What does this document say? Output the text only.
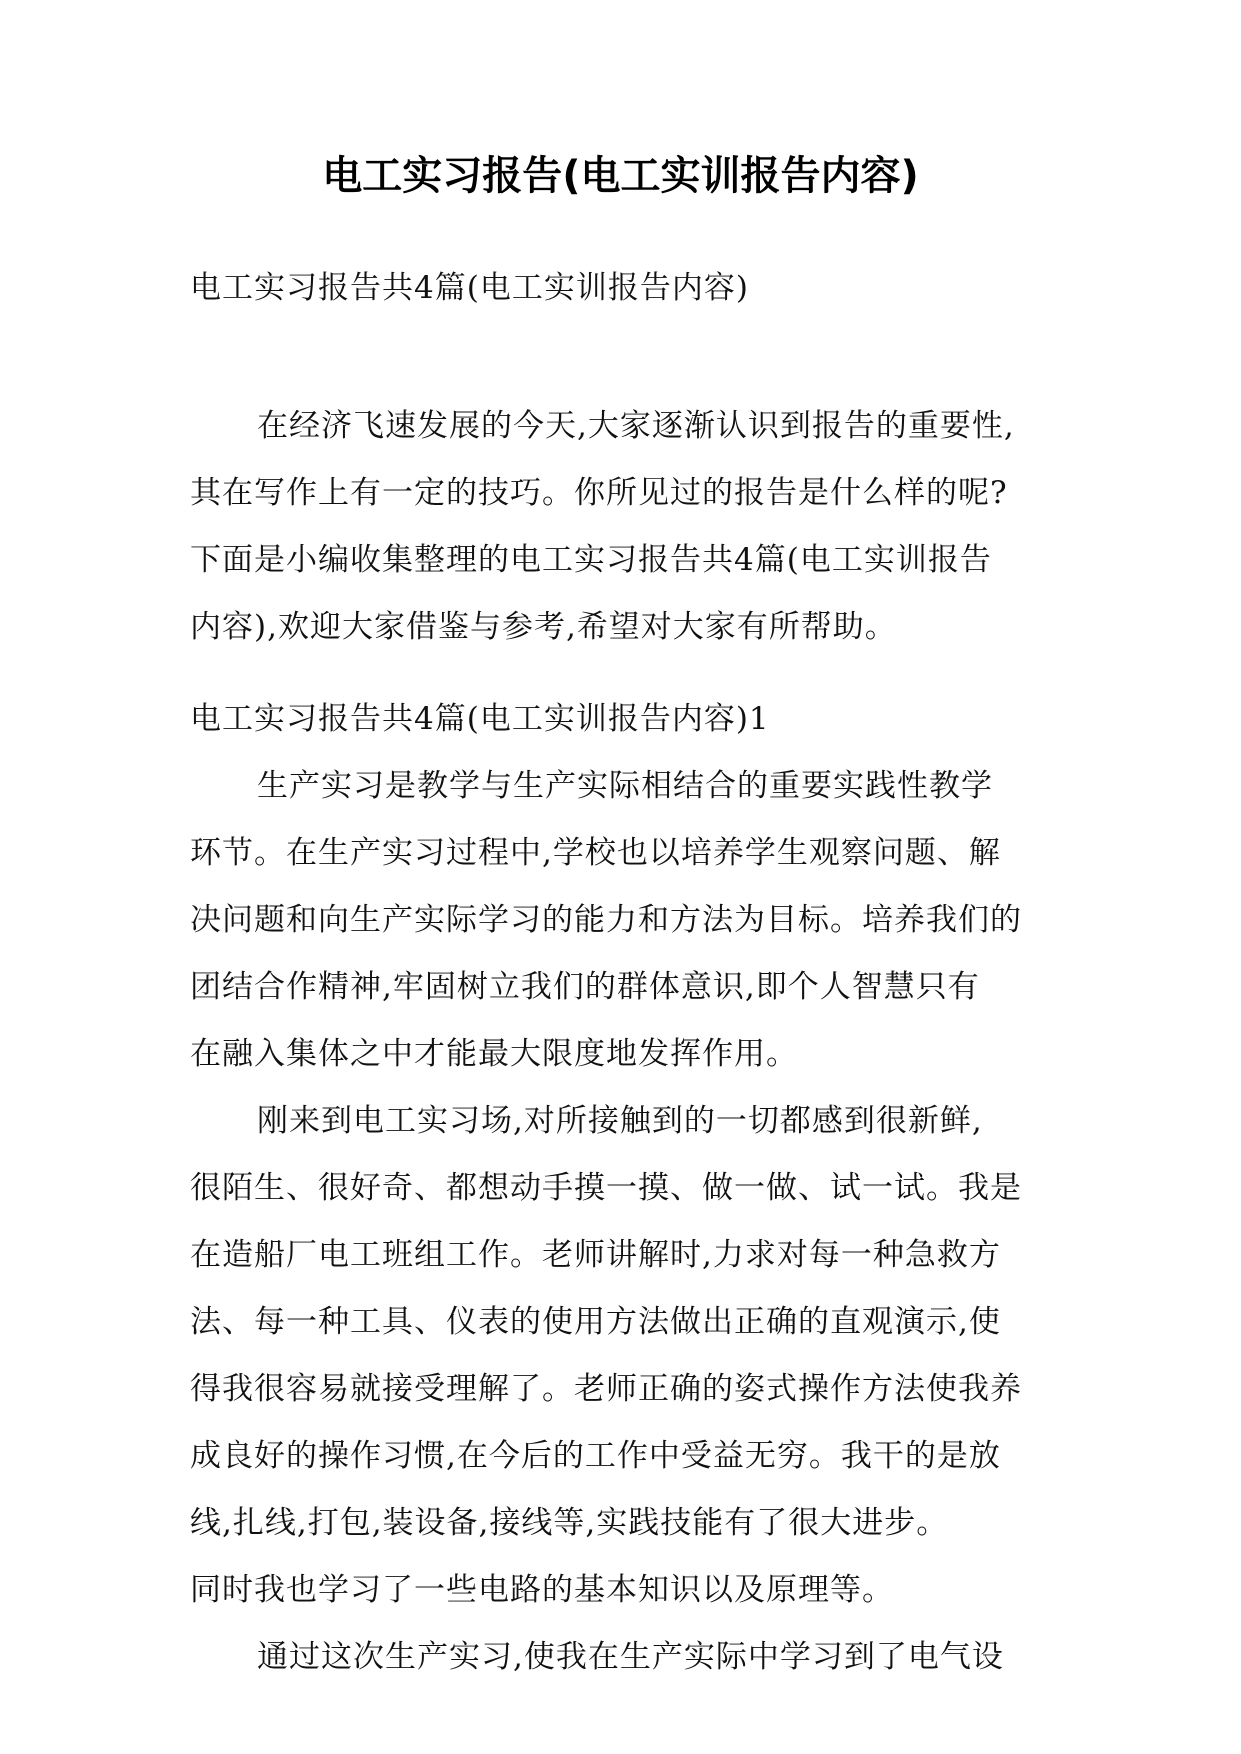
电工实习报告(电工实训报告内容)

电工实习报告共4篇(电工实训报告内容)

在经济飞速发展的今天,大家逐渐认识到报告的重要性,
其在写作上有一定的技巧。你所见过的报告是什么样的呢?
下面是小编收集整理的电工实习报告共4篇(电工实训报告
内容),欢迎大家借鉴与参考,希望对大家有所帮助。

电工实习报告共4篇(电工实训报告内容)1

生产实习是教学与生产实际相结合的重要实践性教学
环节。在生产实习过程中,学校也以培养学生观察问题、解
决问题和向生产实际学习的能力和方法为目标。培养我们的
团结合作精神,牢固树立我们的群体意识,即个人智慧只有
在融入集体之中才能最大限度地发挥作用。
刚来到电工实习场,对所接触到的一切都感到很新鲜,
很陌生、很好奇、都想动手摸一摸、做一做、试一试。我是
在造船厂电工班组工作。老师讲解时,力求对每一种急救方
法、每一种工具、仪表的使用方法做出正确的直观演示,使
得我很容易就接受理解了。老师正确的姿式操作方法使我养
成良好的操作习惯,在今后的工作中受益无穷。我干的是放
线,扎线,打包,装设备,接线等,实践技能有了很大进步。
同时我也学习了一些电路的基本知识以及原理等。
通过这次生产实习,使我在生产实际中学习到了电气设
